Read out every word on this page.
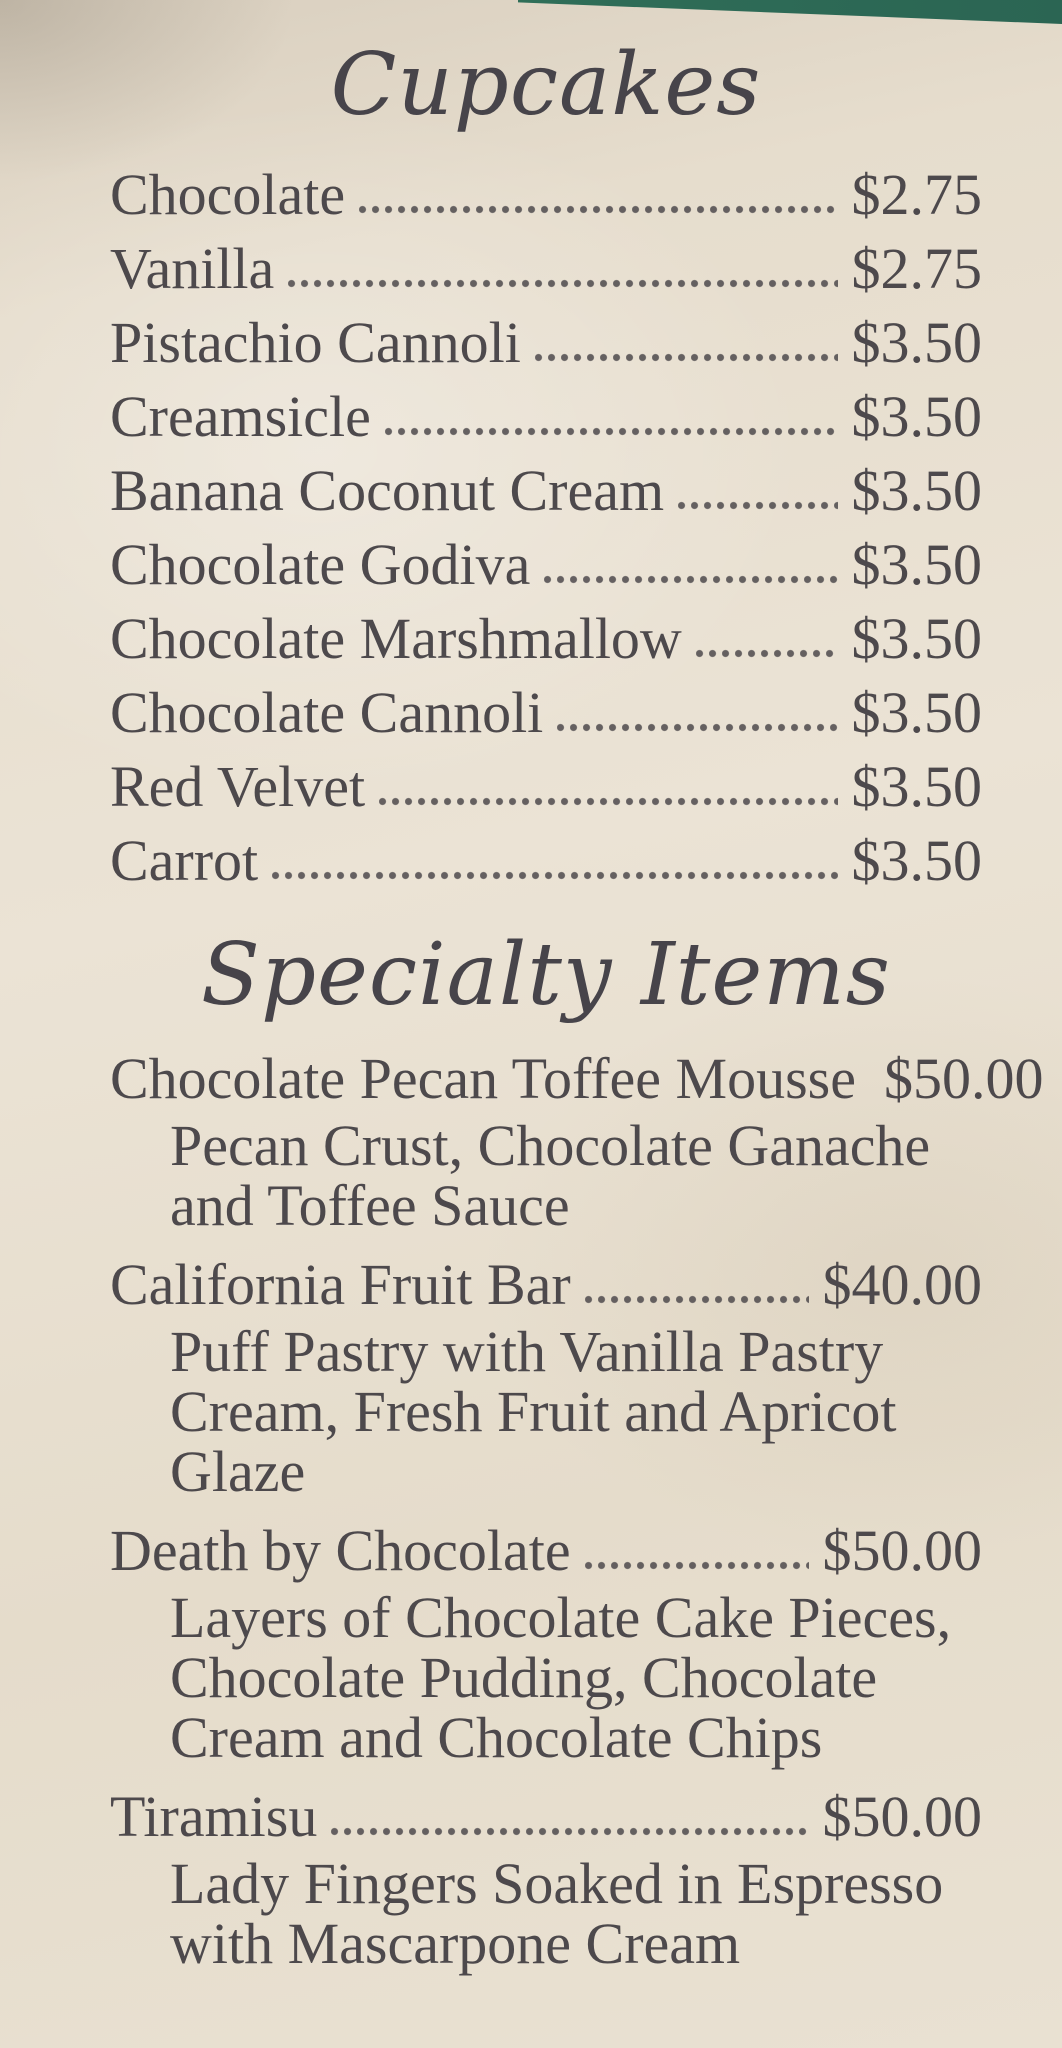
Cupcakes
Chocolate	$2.75
Vanilla	$2.75
Pistachio Cannoli	$3.50
Creamsicle	$3.50
Banana Coconut Cream	$3.50
Chocolate Godiva	$3.50
Chocolate Marshmallow	$3.50
Chocolate Cannoli	$3.50
Red Velvet	$3.50
Carrot	$3.50
Specialty Items
Chocolate Pecan Toffee Mousse $50.00
Pecan Crust, Chocolate Ganache
and Toffee Sauce
California Fruit Bar	$40.00
Puff Pastry with Vanilla Pastry
Cream, Fresh Fruit and Apricot
Glaze
Death by Chocolate	$50.00
Layers of Chocolate Cake Pieces,
Chocolate Pudding, Chocolate
Cream and Chocolate Chips
Tiramisu	$50.00
Lady Fingers Soaked in Espresso
with Mascarpone Cream
